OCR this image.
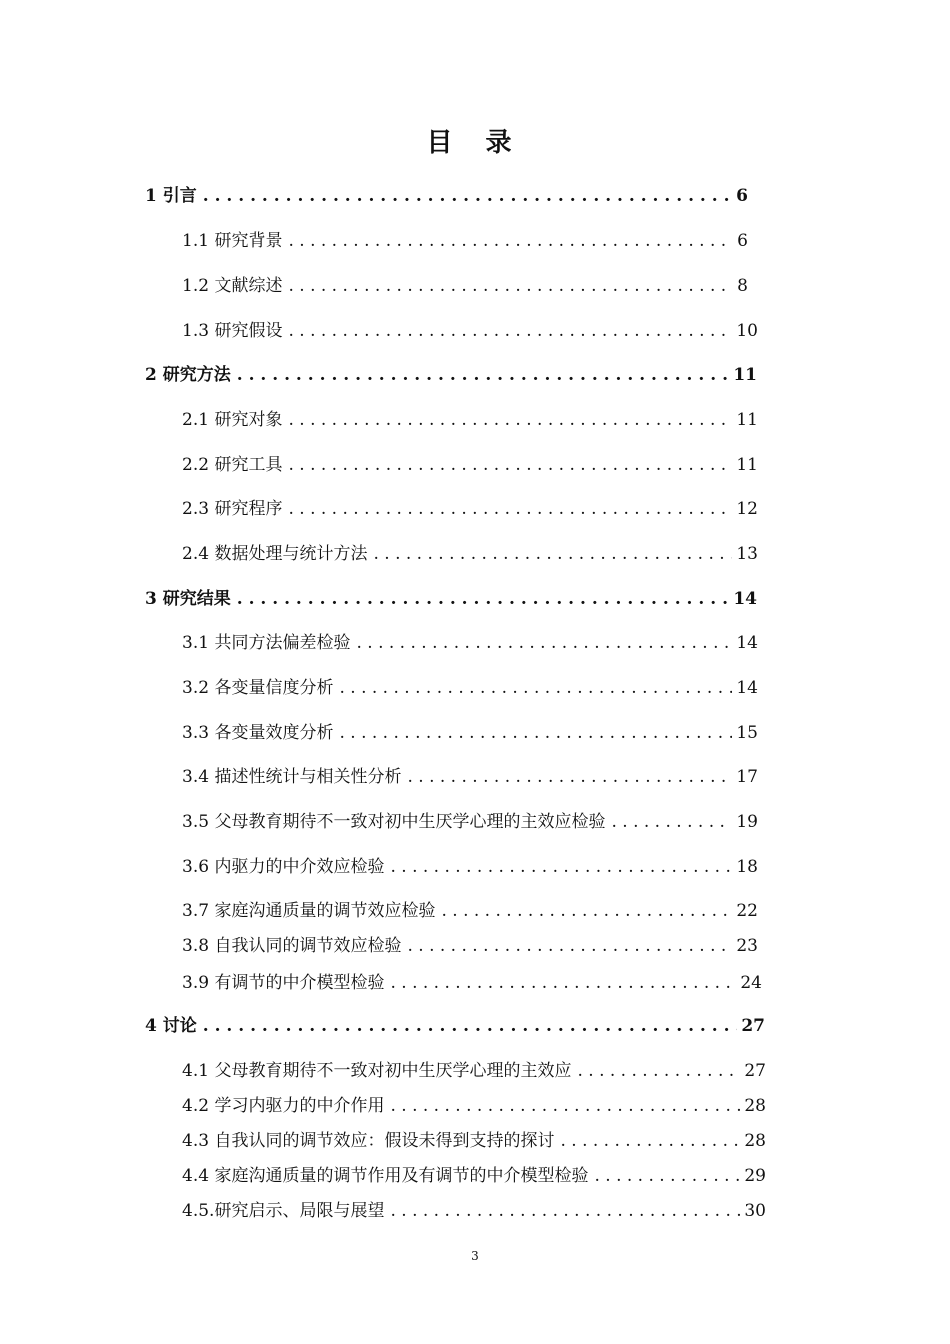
目 录
1 引言 . . .	6
1.1 研究背景 . . .	6
1.2 文献综述 . . .	8
1.3 研究假设 . . .	10
2 研究方法 . . .	11
2.1 研究对象 . . .	11
2.2 研究工具 . . .	11
2.3 研究程序 . . .	12
2.4 数据处理与统计方法 . . .	13
3 研究结果 . . .	14
3.1 共同方法偏差检验 . . .	14
3.2 各变量信度分析 . . .	14
3.3 各变量效度分析 . . .	15
3.4 描述性统计与相关性分析 . . .	17
3.5 父母教育期待不一致对初中生厌学心理的主效应检验 . . .	19
3.6 内驱力的中介效应检验 . . .	18
3.7 家庭沟通质量的调节效应检验 . . .	22
3.8 自我认同的调节效应检验 . . .	23
3.9 有调节的中介模型检验 . . .	24
4 讨论 . . .	27
4.1 父母教育期待不一致对初中生厌学心理的主效应 . . .	27
4.2 学习内驱力的中介作用 . . .	28
4.3 自我认同的调节效应：假设未得到支持的探讨 . . .	28
4.4 家庭沟通质量的调节作用及有调节的中介模型检验 . . .	29
4.5.研究启示、局限与展望 . . .	30
3
